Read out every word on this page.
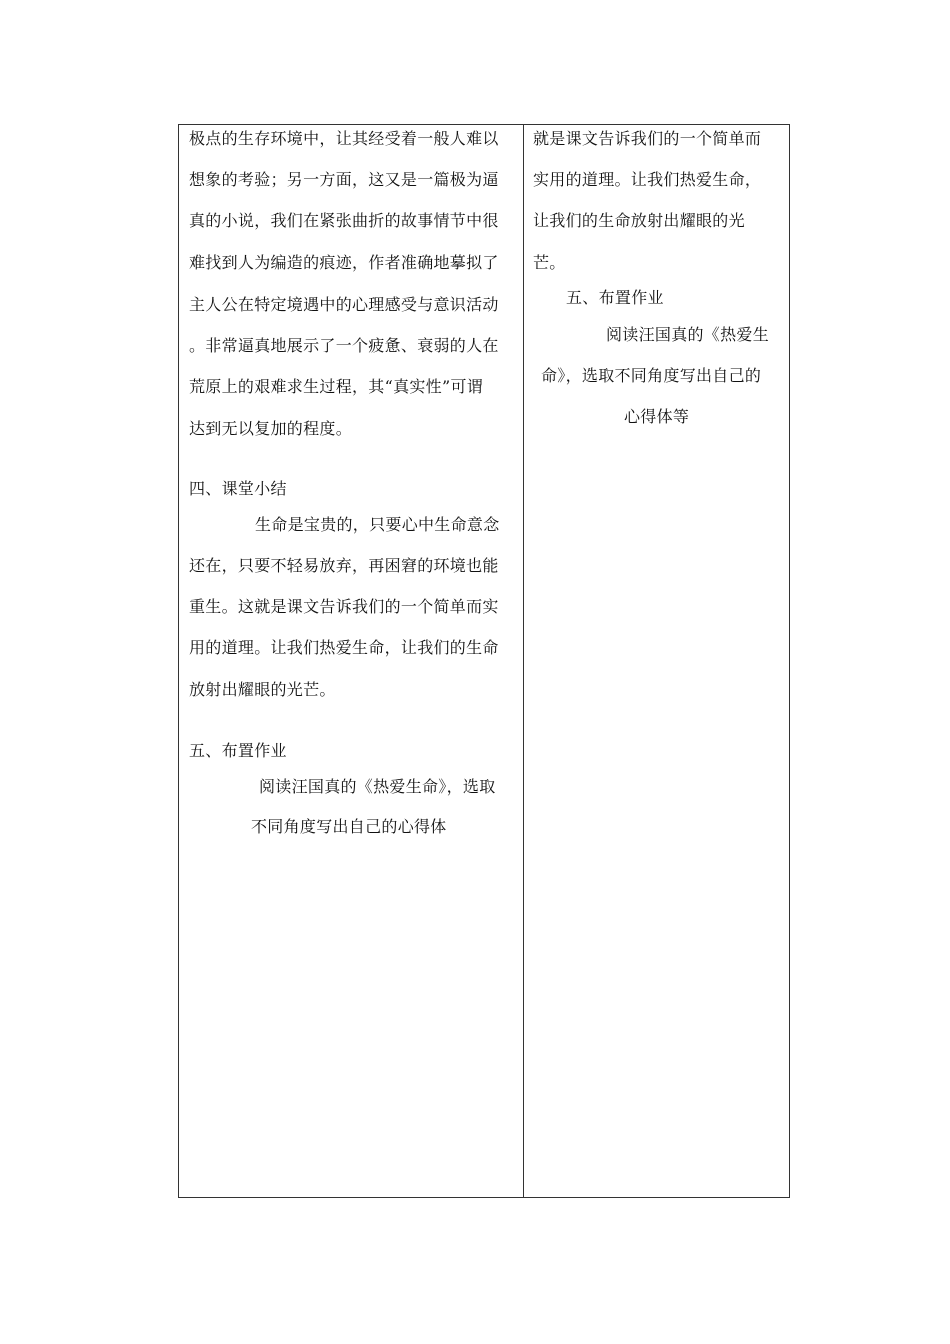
极点的生存环境中，让其经受着一般人难以
想象的考验；另一方面，这又是一篇极为逼
真的小说，我们在紧张曲折的故事情节中很
难找到人为编造的痕迹，作者准确地摹拟了
主人公在特定境遇中的心理感受与意识活动
。非常逼真地展示了一个疲惫、衰弱的人在
荒原上的艰难求生过程，其“真实性”可谓
达到无以复加的程度。
四、课堂小结
生命是宝贵的，只要心中生命意念
还在，只要不轻易放弃，再困窘的环境也能
重生。这就是课文告诉我们的一个简单而实
用的道理。让我们热爱生命，让我们的生命
放射出耀眼的光芒。
五、布置作业
阅读汪国真的《热爱生命》，选取
不同角度写出自己的心得体
就是课文告诉我们的一个简单而
实用的道理。让我们热爱生命，
让我们的生命放射出耀眼的光
芒。
五、布置作业
阅读汪国真的《热爱生
命》，选取不同角度写出自己的
心得体等
